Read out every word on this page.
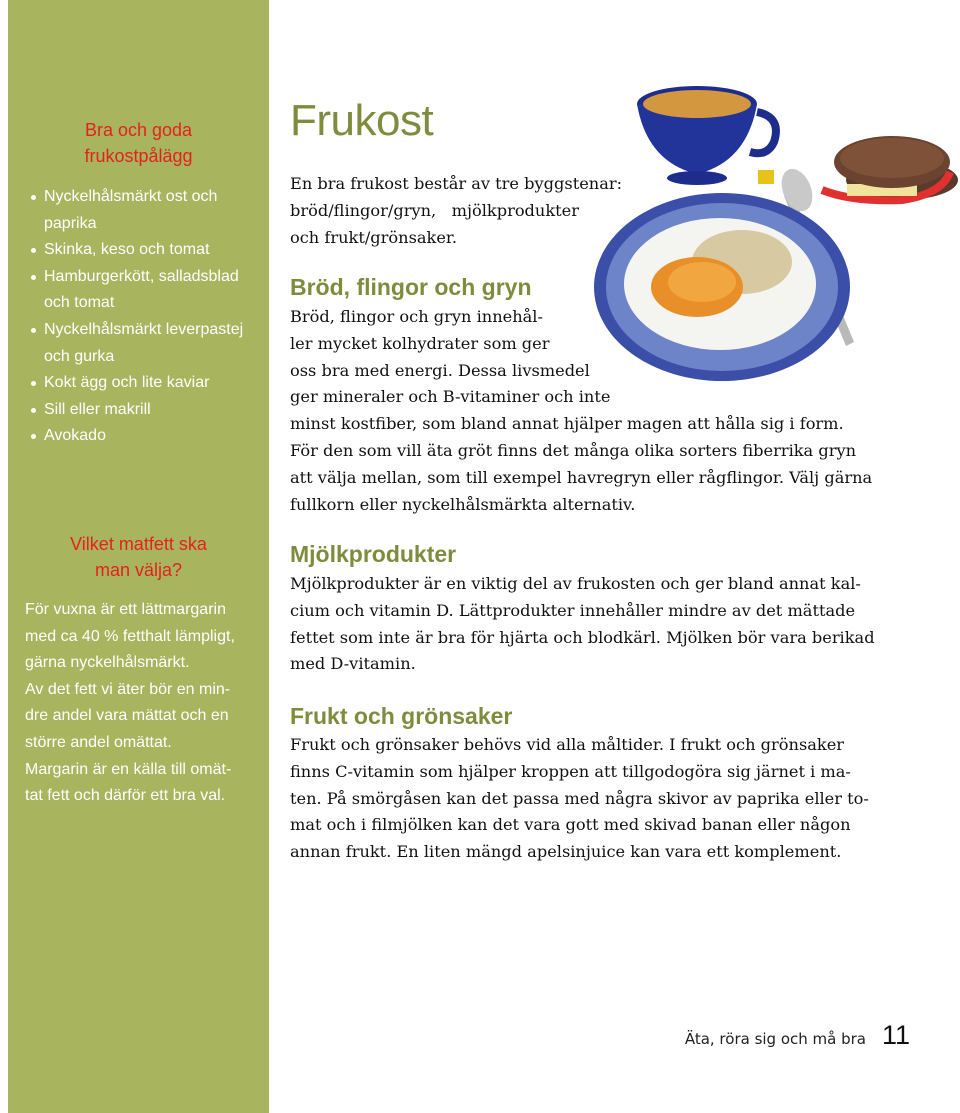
Bra och goda
frukostpålägg
Nyckelhålsmärkt ost och
paprika
Skinka, keso och tomat
Hamburgerkött, salladsblad
och tomat
Nyckelhålsmärkt leverpastej
och gurka
Kokt ägg och lite kaviar
Sill eller makrill
Avokado
Vilket matfett ska
man välja?

För vuxna är ett lättmargarin

med ca 40 % fetthalt lämpligt,

gärna nyckelhålsmärkt.

Av det fett vi äter bör en min-

dre andel vara mättat och en

större andel omättat.

Margarin är en källa till omät-

tat fett och därför ett bra val.

Frukost
En bra frukost består av tre byggstenar:
bröd/flingor/gryn,   mjölkprodukter
och frukt/grönsaker.
Bröd, flingor och gryn
Bröd, flingor och gryn innehål-
ler mycket kolhydrater som ger
oss bra med energi. Dessa livsmedel
ger mineraler och B-vitaminer och inte
minst kostfiber, som bland annat hjälper magen att hålla sig i form.
För den som vill äta gröt finns det många olika sorters fiberrika gryn
att välja mellan, som till exempel havregryn eller rågflingor. Välj gärna
fullkorn eller nyckelhålsmärkta alternativ.
Mjölkprodukter
Mjölkprodukter är en viktig del av frukosten och ger bland annat kal-
cium och vitamin D. Lättprodukter innehåller mindre av det mättade
fettet som inte är bra för hjärta och blodkärl. Mjölken bör vara berikad
med D-vitamin.
Frukt och grönsaker
Frukt och grönsaker behövs vid alla måltider. I frukt och grönsaker
finns C-vitamin som hjälper kroppen att tillgodogöra sig järnet i ma-
ten. På smörgåsen kan det passa med några skivor av paprika eller to-
mat och i filmjölken kan det vara gott med skivad banan eller någon
annan frukt. En liten mängd apelsinjuice kan vara ett komplement.
Äta, röra sig och må bra 11
